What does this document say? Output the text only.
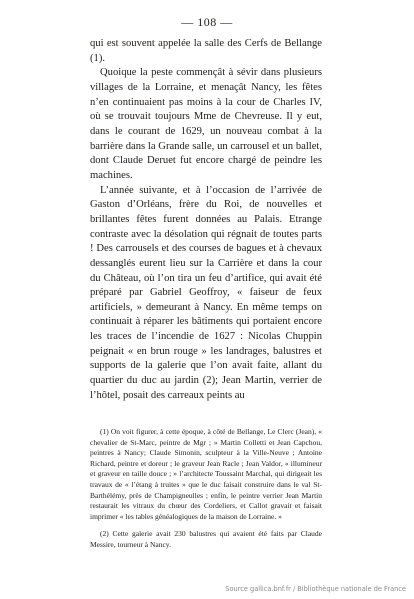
— 108 —

qui est souvent appelée la salle des Cerfs de Bellange (1).

Quoique la peste commençât à sévir dans plusieurs villages de la Lorraine, et menaçât Nancy, les fêtes n’en continuaient pas moins à la cour de Charles IV, où se trouvait toujours Mme de Chevreuse. Il y eut, dans le courant de 1629, un nouveau combat à la barrière dans la Grande salle, un carrousel et un ballet, dont Claude Deruet fut encore chargé de peindre les machines.

L’année suivante, et à l’occasion de l’arrivée de Gaston d’Orléans, frère du Roi, de nouvelles et brillantes fêtes furent données au Palais. Etrange contraste avec la désolation qui régnait de toutes parts ! Des carrousels et des courses de bagues et à chevaux dessanglés eurent lieu sur la Carrière et dans la cour du Château, où l’on tira un feu d’artifice, qui avait été préparé par Gabriel Geoffroy, « faiseur de feux artificiels, » demeurant à Nancy. En même temps on continuait à réparer les bâtiments qui portaient encore les traces de l’incendie de 1627 : Nicolas Chuppin peignait « en brun rouge » les landrages, balustres et supports de la galerie que l’on avait faite, allant du quartier du duc au jardin (2); Jean Martin, verrier de l’hôtel, posait des carreaux peints au

(1) On voit figurer, à cette époque, à côté de Bellange, Le Clerc (Jean), « chevalier de St-Marc, peintre de Mgr ; » Martin Colletti et Jean Capchou, peintres à Nancy; Claude Simonin, sculpteur à la Ville-Neuve ; Antoine Richard, peintre et doreur ; le graveur Jean Racle ; Jean Valdor, « illumineur et graveur en taille douce ; » l’architecte Toussaint Marchal, qui dirigeait les travaux de « l’étang à truites » que le duc faisait construire dans le val St-Barthélémy, près de Champigneulles ; enfin, le peintre verrier Jean Martin restaurait les vitraux du chœur des Cordeliers, et Callot gravait et faisait imprimer « les tables généalogiques de la maison de Lorraine. »

(2) Cette galerie avait 230 balustres qui avaient été faits par Claude Messire, tourneur à Nancy.

Source gallica.bnf.fr / Bibliothèque nationale de France
